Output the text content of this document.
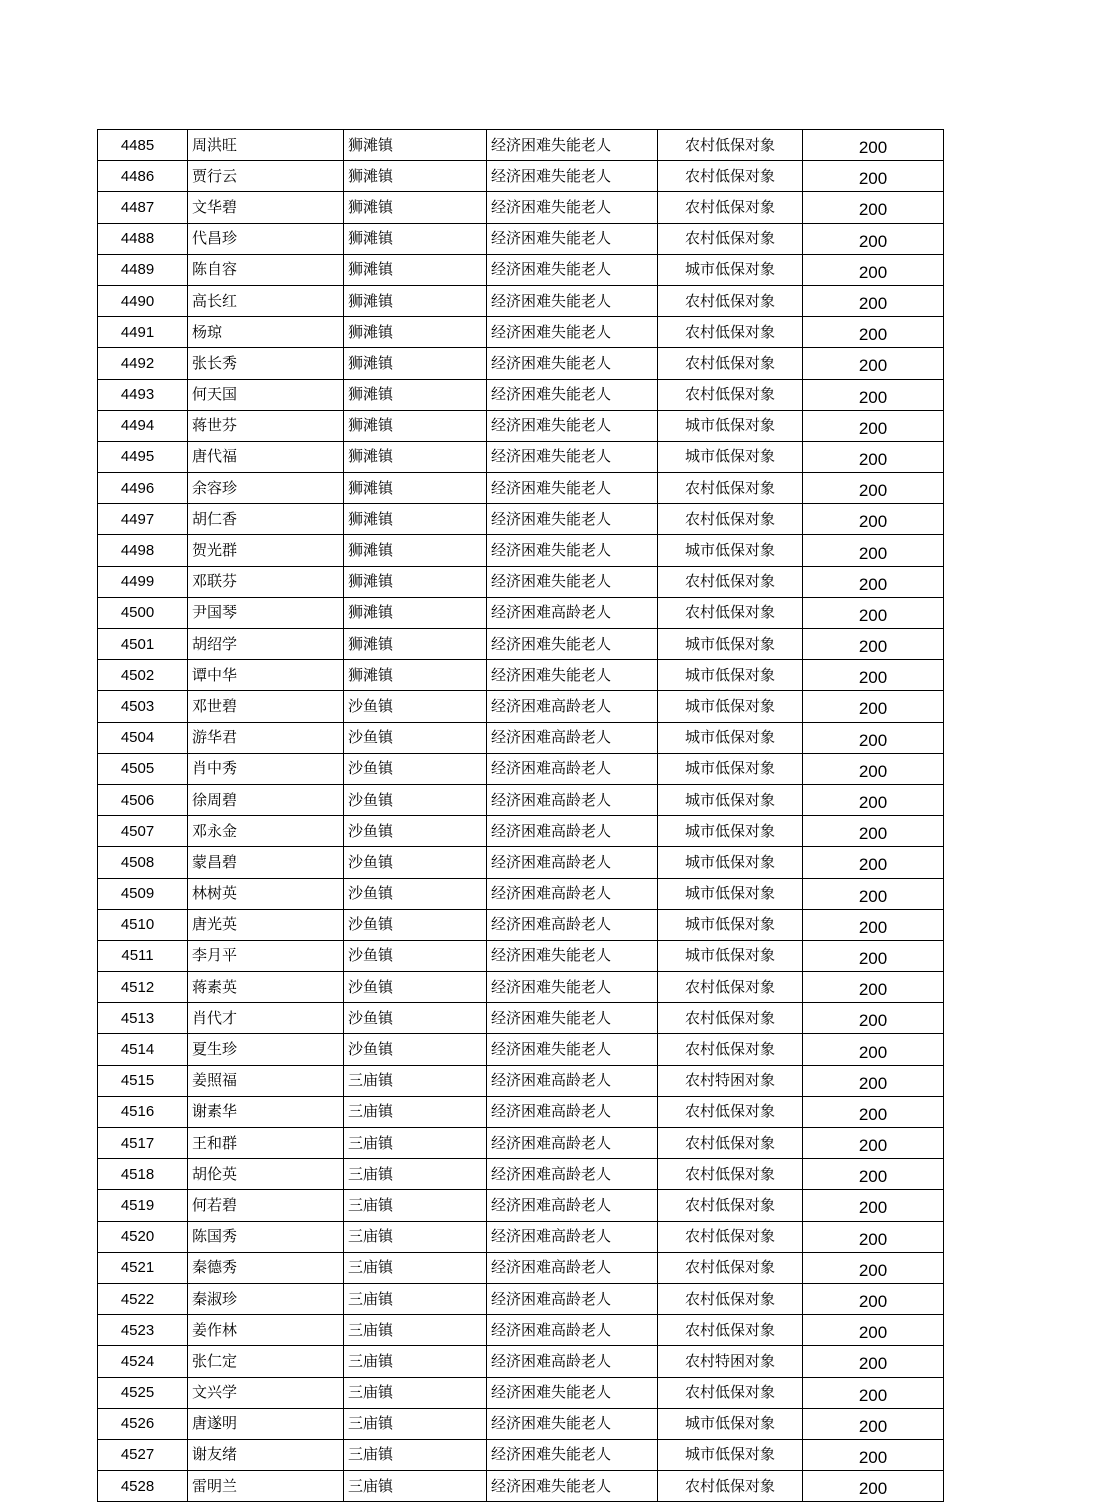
4485	周洪旺	狮滩镇	经济困难失能老人	农村低保对象	200
4486	贾行云	狮滩镇	经济困难失能老人	农村低保对象	200
4487	文华碧	狮滩镇	经济困难失能老人	农村低保对象	200
4488	代昌珍	狮滩镇	经济困难失能老人	农村低保对象	200
4489	陈自容	狮滩镇	经济困难失能老人	城市低保对象	200
4490	高长红	狮滩镇	经济困难失能老人	农村低保对象	200
4491	杨琼	狮滩镇	经济困难失能老人	农村低保对象	200
4492	张长秀	狮滩镇	经济困难失能老人	农村低保对象	200
4493	何天国	狮滩镇	经济困难失能老人	农村低保对象	200
4494	蒋世芬	狮滩镇	经济困难失能老人	城市低保对象	200
4495	唐代福	狮滩镇	经济困难失能老人	城市低保对象	200
4496	余容珍	狮滩镇	经济困难失能老人	农村低保对象	200
4497	胡仁香	狮滩镇	经济困难失能老人	农村低保对象	200
4498	贺光群	狮滩镇	经济困难失能老人	城市低保对象	200
4499	邓联芬	狮滩镇	经济困难失能老人	农村低保对象	200
4500	尹国琴	狮滩镇	经济困难高龄老人	农村低保对象	200
4501	胡绍学	狮滩镇	经济困难失能老人	城市低保对象	200
4502	谭中华	狮滩镇	经济困难失能老人	城市低保对象	200
4503	邓世碧	沙鱼镇	经济困难高龄老人	城市低保对象	200
4504	游华君	沙鱼镇	经济困难高龄老人	城市低保对象	200
4505	肖中秀	沙鱼镇	经济困难高龄老人	城市低保对象	200
4506	徐周碧	沙鱼镇	经济困难高龄老人	城市低保对象	200
4507	邓永金	沙鱼镇	经济困难高龄老人	城市低保对象	200
4508	蒙昌碧	沙鱼镇	经济困难高龄老人	城市低保对象	200
4509	林树英	沙鱼镇	经济困难高龄老人	城市低保对象	200
4510	唐光英	沙鱼镇	经济困难高龄老人	城市低保对象	200
4511	李月平	沙鱼镇	经济困难失能老人	城市低保对象	200
4512	蒋素英	沙鱼镇	经济困难失能老人	农村低保对象	200
4513	肖代才	沙鱼镇	经济困难失能老人	农村低保对象	200
4514	夏生珍	沙鱼镇	经济困难失能老人	农村低保对象	200
4515	姜照福	三庙镇	经济困难高龄老人	农村特困对象	200
4516	谢素华	三庙镇	经济困难高龄老人	农村低保对象	200
4517	王和群	三庙镇	经济困难高龄老人	农村低保对象	200
4518	胡伦英	三庙镇	经济困难高龄老人	农村低保对象	200
4519	何若碧	三庙镇	经济困难高龄老人	农村低保对象	200
4520	陈国秀	三庙镇	经济困难高龄老人	农村低保对象	200
4521	秦德秀	三庙镇	经济困难高龄老人	农村低保对象	200
4522	秦淑珍	三庙镇	经济困难高龄老人	农村低保对象	200
4523	姜作林	三庙镇	经济困难高龄老人	农村低保对象	200
4524	张仁定	三庙镇	经济困难高龄老人	农村特困对象	200
4525	文兴学	三庙镇	经济困难失能老人	农村低保对象	200
4526	唐遂明	三庙镇	经济困难失能老人	城市低保对象	200
4527	谢友绪	三庙镇	经济困难失能老人	城市低保对象	200
4528	雷明兰	三庙镇	经济困难失能老人	农村低保对象	200
